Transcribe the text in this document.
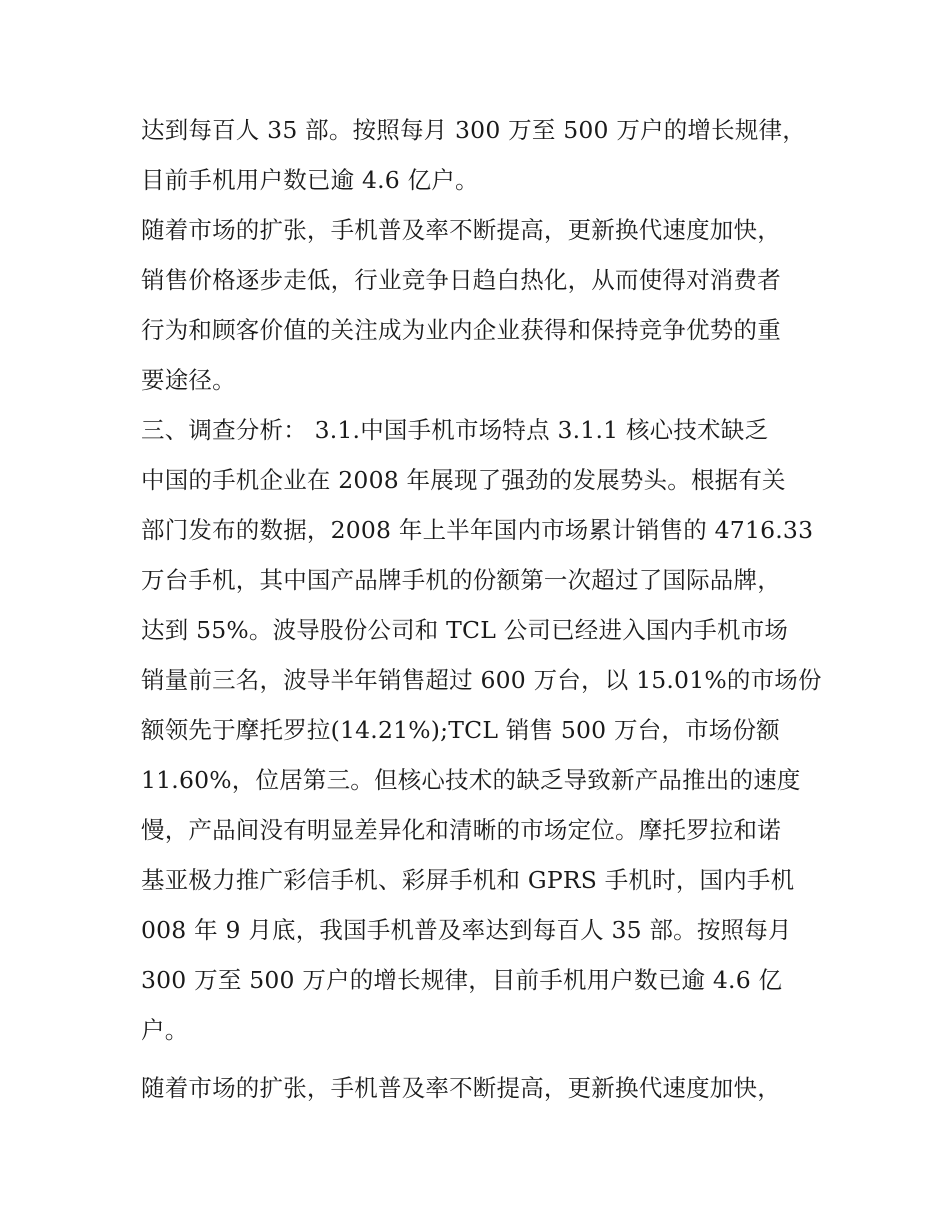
达到每百人 35 部。按照每月 300 万至 500 万户的增长规律，
目前手机用户数已逾 4.6 亿户。
随着市场的扩张，手机普及率不断提高，更新换代速度加快，
销售价格逐步走低，行业竞争日趋白热化，从而使得对消费者
行为和顾客价值的关注成为业内企业获得和保持竞争优势的重
要途径。
三、调查分析： 3.1.中国手机市场特点 3.1.1 核心技术缺乏
中国的手机企业在 2008 年展现了强劲的发展势头。根据有关
部门发布的数据，2008 年上半年国内市场累计销售的 4716.33
万台手机，其中国产品牌手机的份额第一次超过了国际品牌，
达到 55%。波导股份公司和 TCL 公司已经进入国内手机市场
销量前三名，波导半年销售超过 600 万台，以 15.01%的市场份
额领先于摩托罗拉(14.21%);TCL 销售 500 万台，市场份额
11.60%，位居第三。但核心技术的缺乏导致新产品推出的速度
慢，产品间没有明显差异化和清晰的市场定位。摩托罗拉和诺
基亚极力推广彩信手机、彩屏手机和 GPRS 手机时，国内手机
008 年 9 月底，我国手机普及率达到每百人 35 部。按照每月
300 万至 500 万户的增长规律，目前手机用户数已逾 4.6 亿
户。
随着市场的扩张，手机普及率不断提高，更新换代速度加快，
